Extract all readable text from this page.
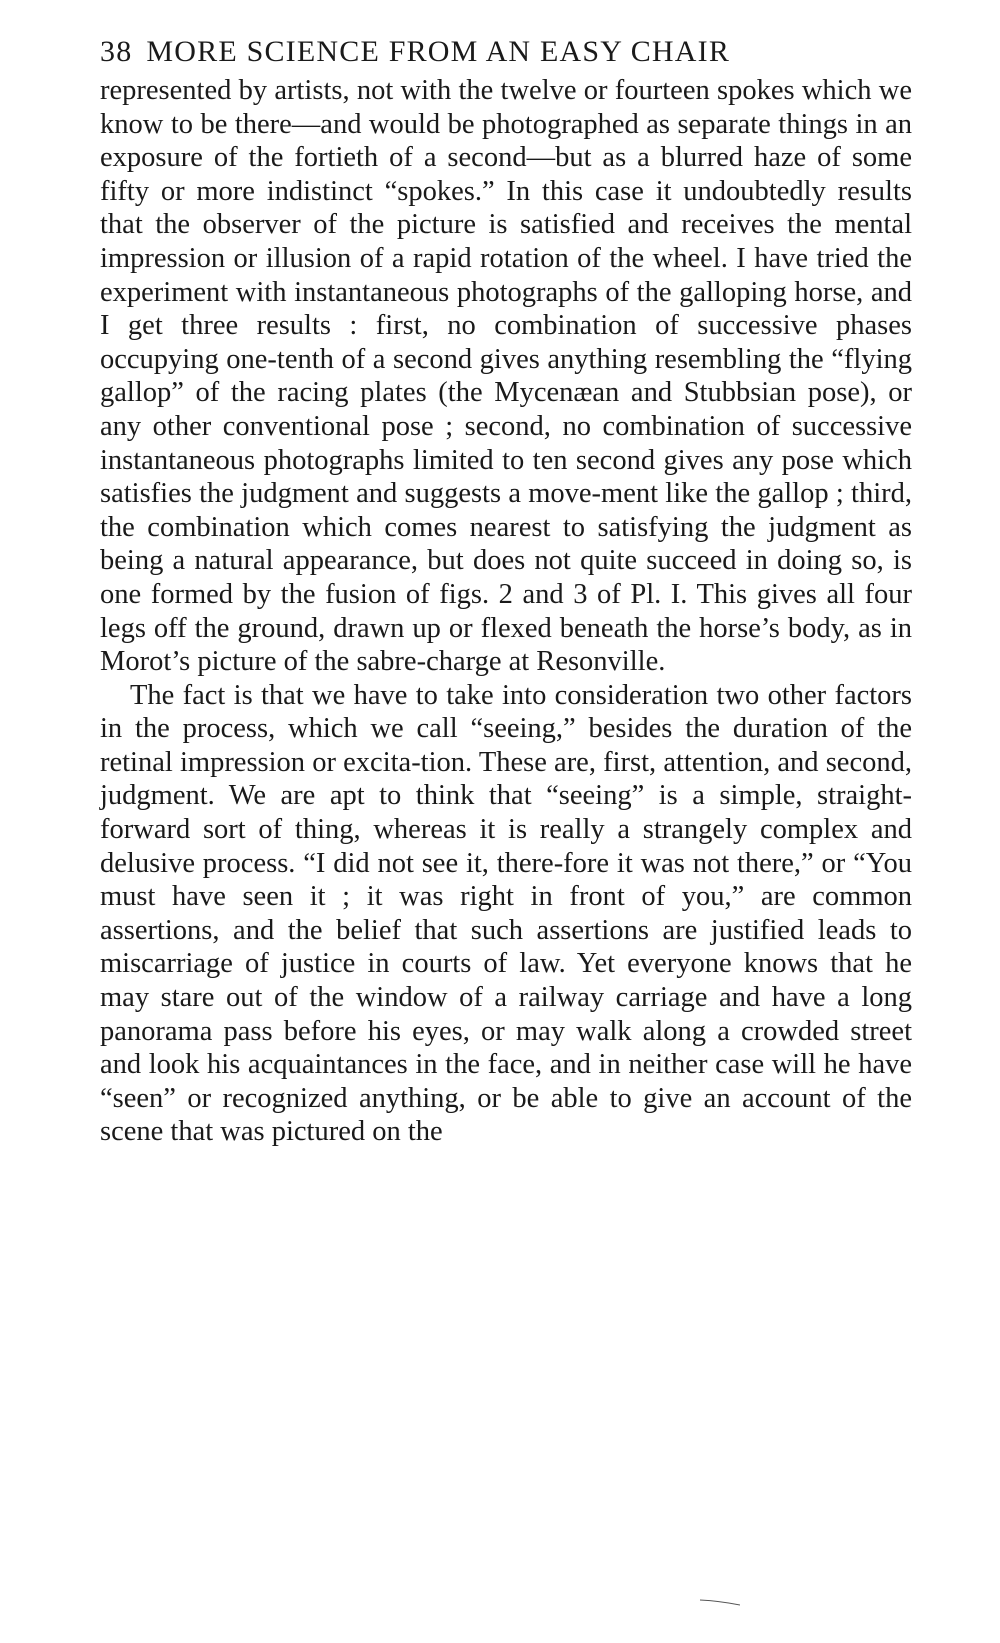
38 MORE SCIENCE FROM AN EASY CHAIR

represented by artists, not with the twelve or fourteen spokes which we know to be there—and would be photographed as separate things in an exposure of the fortieth of a second—but as a blurred haze of some fifty or more indistinct “spokes.” In this case it undoubtedly results that the observer of the picture is satisfied and receives the mental impression or illusion of a rapid rotation of the wheel. I have tried the experiment with instantaneous photographs of the galloping horse, and I get three results : first, no combination of successive phases occupying one-​tenth of a second gives anything resembling the “flying gallop” of the racing plates (the Mycenæan and Stubbsian pose), or any other conventional pose ; second, no combination of successive instantaneous photographs limited to ten second gives any pose which satisfies the judgment and suggests a move-​ment like the gallop ; third, the combination which comes nearest to satisfying the judgment as being a natural appearance, but does not quite succeed in doing so, is one formed by the fusion of figs. 2 and 3 of Pl. I. This gives all four legs off the ground, drawn up or flexed beneath the horse’s body, as in Morot’s picture of the sabre-charge at Resonville.

The fact is that we have to take into consideration two other factors in the process, which we call “seeing,” besides the duration of the retinal impression or excita-​tion. These are, first, attention, and second, judgment. We are apt to think that “seeing” is a simple, straight-​forward sort of thing, whereas it is really a strangely complex and delusive process. “I did not see it, there-​fore it was not there,” or “You must have seen it ; it was right in front of you,” are common assertions, and the belief that such assertions are justified leads to miscarriage of justice in courts of law. Yet everyone knows that he may stare out of the window of a railway carriage and have a long panorama pass before his eyes, or may walk along a crowded street and look his acquaintances in the face, and in neither case will he have “seen” or recognized anything, or be able to give an account of the scene that was pictured on the
